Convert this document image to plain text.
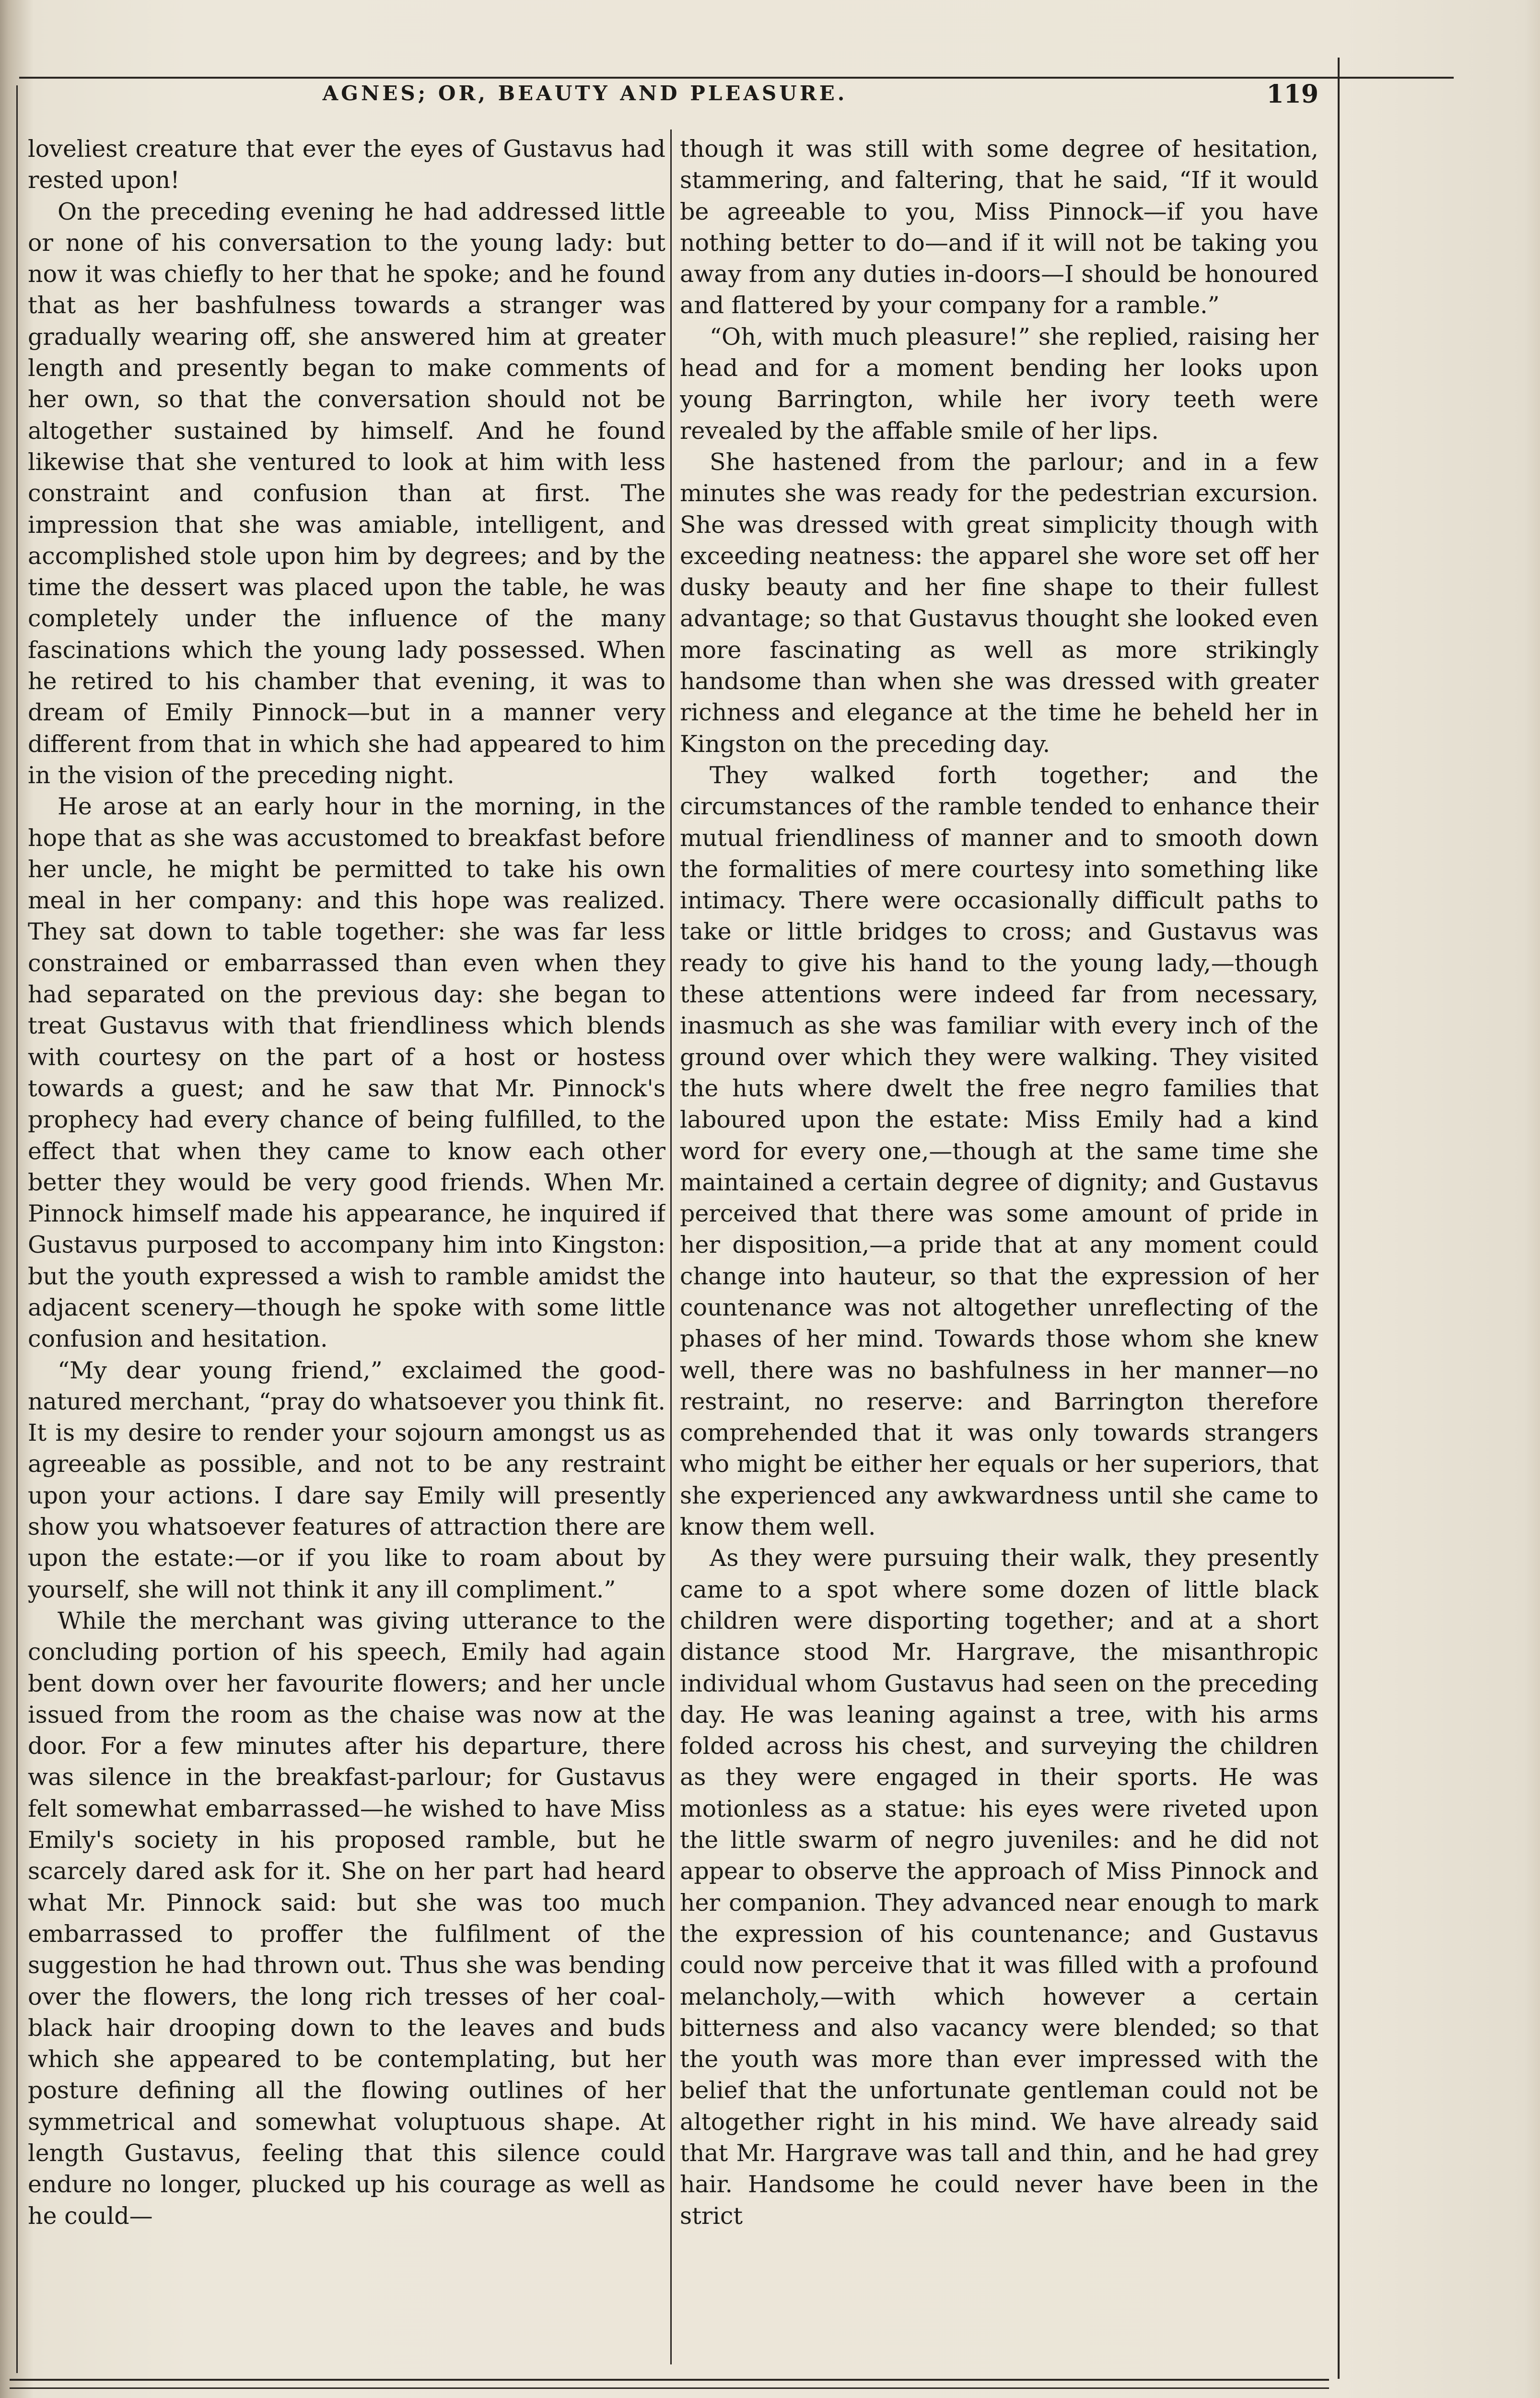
AGNES; OR, BEAUTY AND PLEASURE.	119

loveliest creature that ever the eyes of Gustavus had rested upon!

On the preceding evening he had addressed little or none of his conversation to the young lady: but now it was chiefly to her that he spoke; and he found that as her bashfulness towards a stranger was gradually wearing off, she answered him at greater length and presently began to make comments of her own, so that the conversation should not be altogether sustained by himself. And he found likewise that she ventured to look at him with less constraint and confusion than at first. The impression that she was amiable, intelligent, and accomplished stole upon him by degrees; and by the time the dessert was placed upon the table, he was completely under the influence of the many fascinations which the young lady possessed. When he retired to his chamber that evening, it was to dream of Emily Pinnock—but in a manner very different from that in which she had appeared to him in the vision of the preceding night.

He arose at an early hour in the morning, in the hope that as she was accustomed to breakfast before her uncle, he might be permitted to take his own meal in her company: and this hope was realized. They sat down to table together: she was far less constrained or embarrassed than even when they had separated on the previous day: she began to treat Gustavus with that friendliness which blends with courtesy on the part of a host or hostess towards a guest; and he saw that Mr. Pinnock's prophecy had every chance of being fulfilled, to the effect that when they came to know each other better they would be very good friends. When Mr. Pinnock himself made his appearance, he inquired if Gustavus purposed to accompany him into Kingston: but the youth expressed a wish to ramble amidst the adjacent scenery—though he spoke with some little confusion and hesitation.

“My dear young friend,” exclaimed the good-natured merchant, “pray do whatsoever you think fit. It is my desire to render your sojourn amongst us as agreeable as possible, and not to be any restraint upon your actions. I dare say Emily will presently show you whatsoever features of attraction there are upon the estate:—or if you like to roam about by yourself, she will not think it any ill compliment.”

While the merchant was giving utterance to the concluding portion of his speech, Emily had again bent down over her favourite flowers; and her uncle issued from the room as the chaise was now at the door. For a few minutes after his departure, there was silence in the breakfast-parlour; for Gustavus felt somewhat embarrassed—he wished to have Miss Emily's society in his proposed ramble, but he scarcely dared ask for it. She on her part had heard what Mr. Pinnock said: but she was too much embarrassed to proffer the fulfilment of the suggestion he had thrown out. Thus she was bending over the flowers, the long rich tresses of her coal-black hair drooping down to the leaves and buds which she appeared to be contemplating, but her posture defining all the flowing outlines of her symmetrical and somewhat voluptuous shape. At length Gustavus, feeling that this silence could endure no longer, plucked up his courage as well as he could—

though it was still with some degree of hesitation, stammering, and faltering, that he said, “If it would be agreeable to you, Miss Pinnock—if you have nothing better to do—and if it will not be taking you away from any duties in-doors—I should be honoured and flattered by your company for a ramble.”

“Oh, with much pleasure!” she replied, raising her head and for a moment bending her looks upon young Barrington, while her ivory teeth were revealed by the affable smile of her lips.

She hastened from the parlour; and in a few minutes she was ready for the pedestrian excursion. She was dressed with great simplicity though with exceeding neatness: the apparel she wore set off her dusky beauty and her fine shape to their fullest advantage; so that Gustavus thought she looked even more fascinating as well as more strikingly handsome than when she was dressed with greater richness and elegance at the time he beheld her in Kingston on the preceding day.

They walked forth together; and the circumstances of the ramble tended to enhance their mutual friendliness of manner and to smooth down the formalities of mere courtesy into something like intimacy. There were occasionally difficult paths to take or little bridges to cross; and Gustavus was ready to give his hand to the young lady,—though these attentions were indeed far from necessary, inasmuch as she was familiar with every inch of the ground over which they were walking. They visited the huts where dwelt the free negro families that laboured upon the estate: Miss Emily had a kind word for every one,—though at the same time she maintained a certain degree of dignity; and Gustavus perceived that there was some amount of pride in her disposition,—a pride that at any moment could change into hauteur, so that the expression of her countenance was not altogether unreflecting of the phases of her mind. Towards those whom she knew well, there was no bashfulness in her manner—no restraint, no reserve: and Barrington therefore comprehended that it was only towards strangers who might be either her equals or her superiors, that she experienced any awkwardness until she came to know them well.

As they were pursuing their walk, they presently came to a spot where some dozen of little black children were disporting together; and at a short distance stood Mr. Hargrave, the misanthropic individual whom Gustavus had seen on the preceding day. He was leaning against a tree, with his arms folded across his chest, and surveying the children as they were engaged in their sports. He was motionless as a statue: his eyes were riveted upon the little swarm of negro juveniles: and he did not appear to observe the approach of Miss Pinnock and her companion. They advanced near enough to mark the expression of his countenance; and Gustavus could now perceive that it was filled with a profound melancholy,—with which however a certain bitterness and also vacancy were blended; so that the youth was more than ever impressed with the belief that the unfortunate gentleman could not be altogether right in his mind. We have already said that Mr. Hargrave was tall and thin, and he had grey hair. Handsome he could never have been in the strict
